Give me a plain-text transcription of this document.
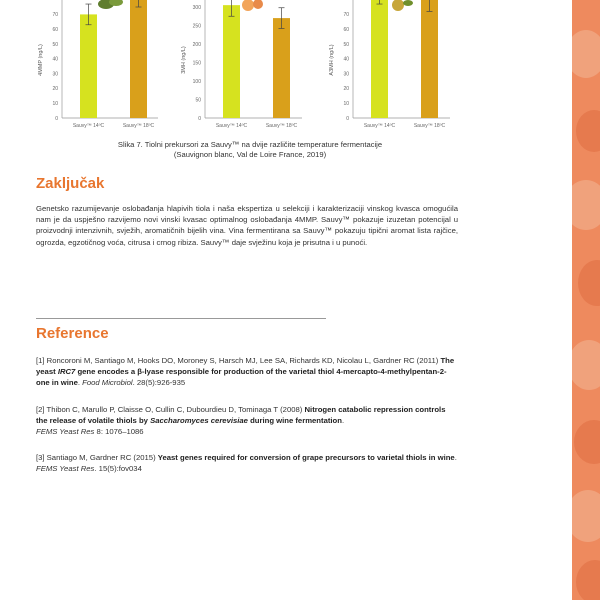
0
10
20
30
40
50
60
70
4MMP (ng/L)
Sauvy™ 14ºC	Sauvy™ 18ºC
0
50
100
150
200
250
300
3MH (ng/L)
Sauvy™ 14ºC	Sauvy™ 18ºC
0
10
20
30
40
50
60
70
A3MH (ng/L)
Sauvy™ 14ºC	Sauvy™ 18ºC
Slika 7. Tiolni prekursori za Sauvy™ na dvije različite temperature fermentacije
(Sauvignon blanc, Val de Loire France, 2019)
Zaključak
Genetsko razumijevanje oslobađanja hlapivih tiola i naša ekspertiza u selekciji i karakterizaciji vinskog kvasca omogućila nam je da uspješno razvijemo novi vinski kvasac optimalnog oslobađanja 4MMP. Sauvy™ pokazuje izuzetan potencijal u proizvodnji intenzivnih, svježih, aromatičnih bijelih vina. Vina fermentirana sa Sauvy™ pokazuju tipični aromat lista rajčice, ogrozda, egzotičnog voća, citrusa i crnog ribiza. Sauvy™ daje svježinu koja je prisutna i u punoći.
Reference
[1] Roncoroni M, Santiago M, Hooks DO, Moroney S, Harsch MJ, Lee SA, Richards KD, Nicolau L, Gardner RC (2011) The yeast IRC7 gene encodes a β-lyase responsible for production of the varietal thiol 4-mercapto-4-methylpentan-2-one in wine. Food Microbiol. 28(5):926-935
[2] Thibon C, Marullo P, Claisse O, Cullin C, Dubourdieu D, Tominaga T (2008) Nitrogen catabolic repression controls the release of volatile thiols by Saccharomyces cerevisiae during wine fermentation.
FEMS Yeast Res 8: 1076–1086
[3] Santiago M, Gardner RC (2015) Yeast genes required for conversion of grape precursors to varietal thiols in wine. FEMS Yeast Res. 15(5):fov034
